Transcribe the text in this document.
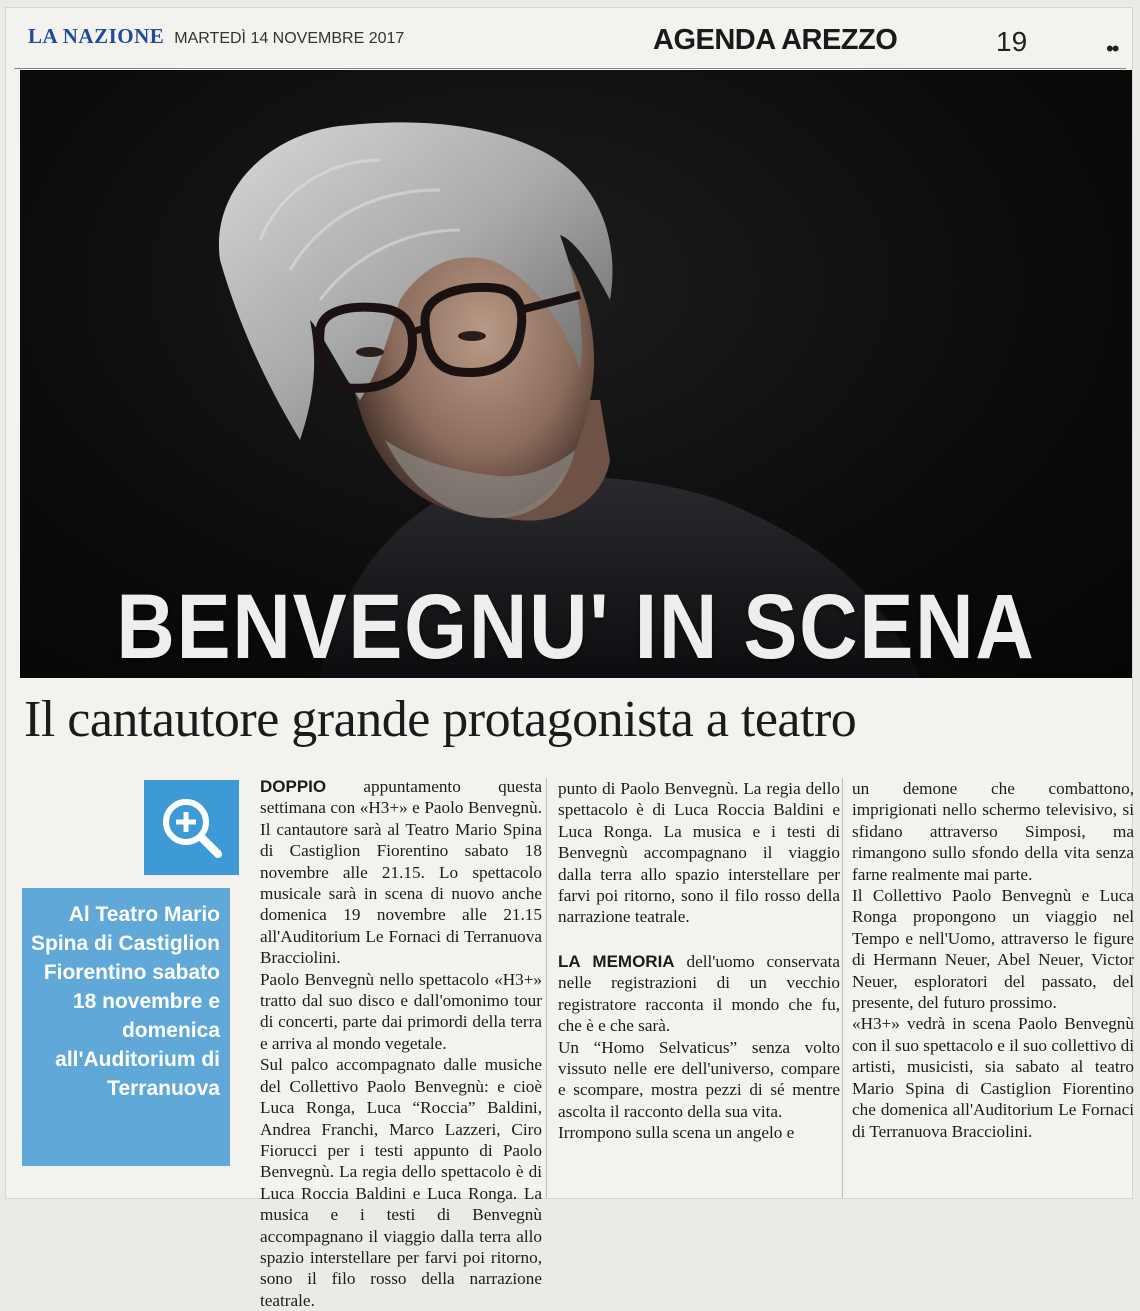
LA NAZIONE MARTEDÌ 14 NOVEMBRE 2017	AGENDA AREZZO	19	••
BENVEGNU' IN SCENA
Il cantautore grande protagonista a teatro
Al Teatro Mario Spina di Castiglion Fiorentino sabato 18 novembre e domenica all'Auditorium di Terranuova

DOPPIO appuntamento questa settimana con «H3+» e Paolo Benvegnù. Il cantautore sarà al Teatro Mario Spina di Castiglion Fiorentino sabato 18 novembre alle 21.15. Lo spettacolo musicale sarà in scena di nuovo anche domenica 19 novembre alle 21.15 all'Auditorium Le Fornaci di Terranuova Bracciolini.

Paolo Benvegnù nello spettacolo «H3+» tratto dal suo disco e dall'omonimo tour di concerti, parte dai primordi della terra e arriva al mondo vegetale.

Sul palco accompagnato dalle musiche del Collettivo Paolo Benvegnù: e cioè Luca Ronga, Luca “Roccia” Baldini, Andrea Franchi, Marco Lazzeri, Ciro Fiorucci per i testi appunto di Paolo Benvegnù. La regia dello spettacolo è di Luca Roccia Baldini e Luca Ronga. La musica e i testi di Benvegnù accompagnano il viaggio dalla terra allo spazio interstellare per farvi poi ritorno, sono il filo rosso della narrazione teatrale.

punto di Paolo Benvegnù. La regia dello spettacolo è di Luca Roccia Baldini e Luca Ronga. La musica e i testi di Benvegnù accompagnano il viaggio dalla terra allo spazio interstellare per farvi poi ritorno, sono il filo rosso della narrazione teatrale.

LA MEMORIA dell'uomo conservata nelle registrazioni di un vecchio registratore racconta il mondo che fu, che è e che sarà.

Un “Homo Selvaticus” senza volto vissuto nelle ere dell'universo, compare e scompare, mostra pezzi di sé mentre ascolta il racconto della sua vita.

Irrompono sulla scena un angelo e

un demone che combattono, imprigionati nello schermo televisivo, si sfidano attraverso Simposi, ma rimangono sullo sfondo della vita senza farne realmente mai parte.

Il Collettivo Paolo Benvegnù e Luca Ronga propongono un viaggio nel Tempo e nell'Uomo, attraverso le figure di Hermann Neuer, Abel Neuer, Victor Neuer, esploratori del passato, del presente, del futuro prossimo.

«H3+» vedrà in scena Paolo Benvegnù con il suo spettacolo e il suo collettivo di artisti, musicisti, sia sabato al teatro Mario Spina di Castiglion Fiorentino che domenica all'Auditorium Le Fornaci di Terranuova Bracciolini.
